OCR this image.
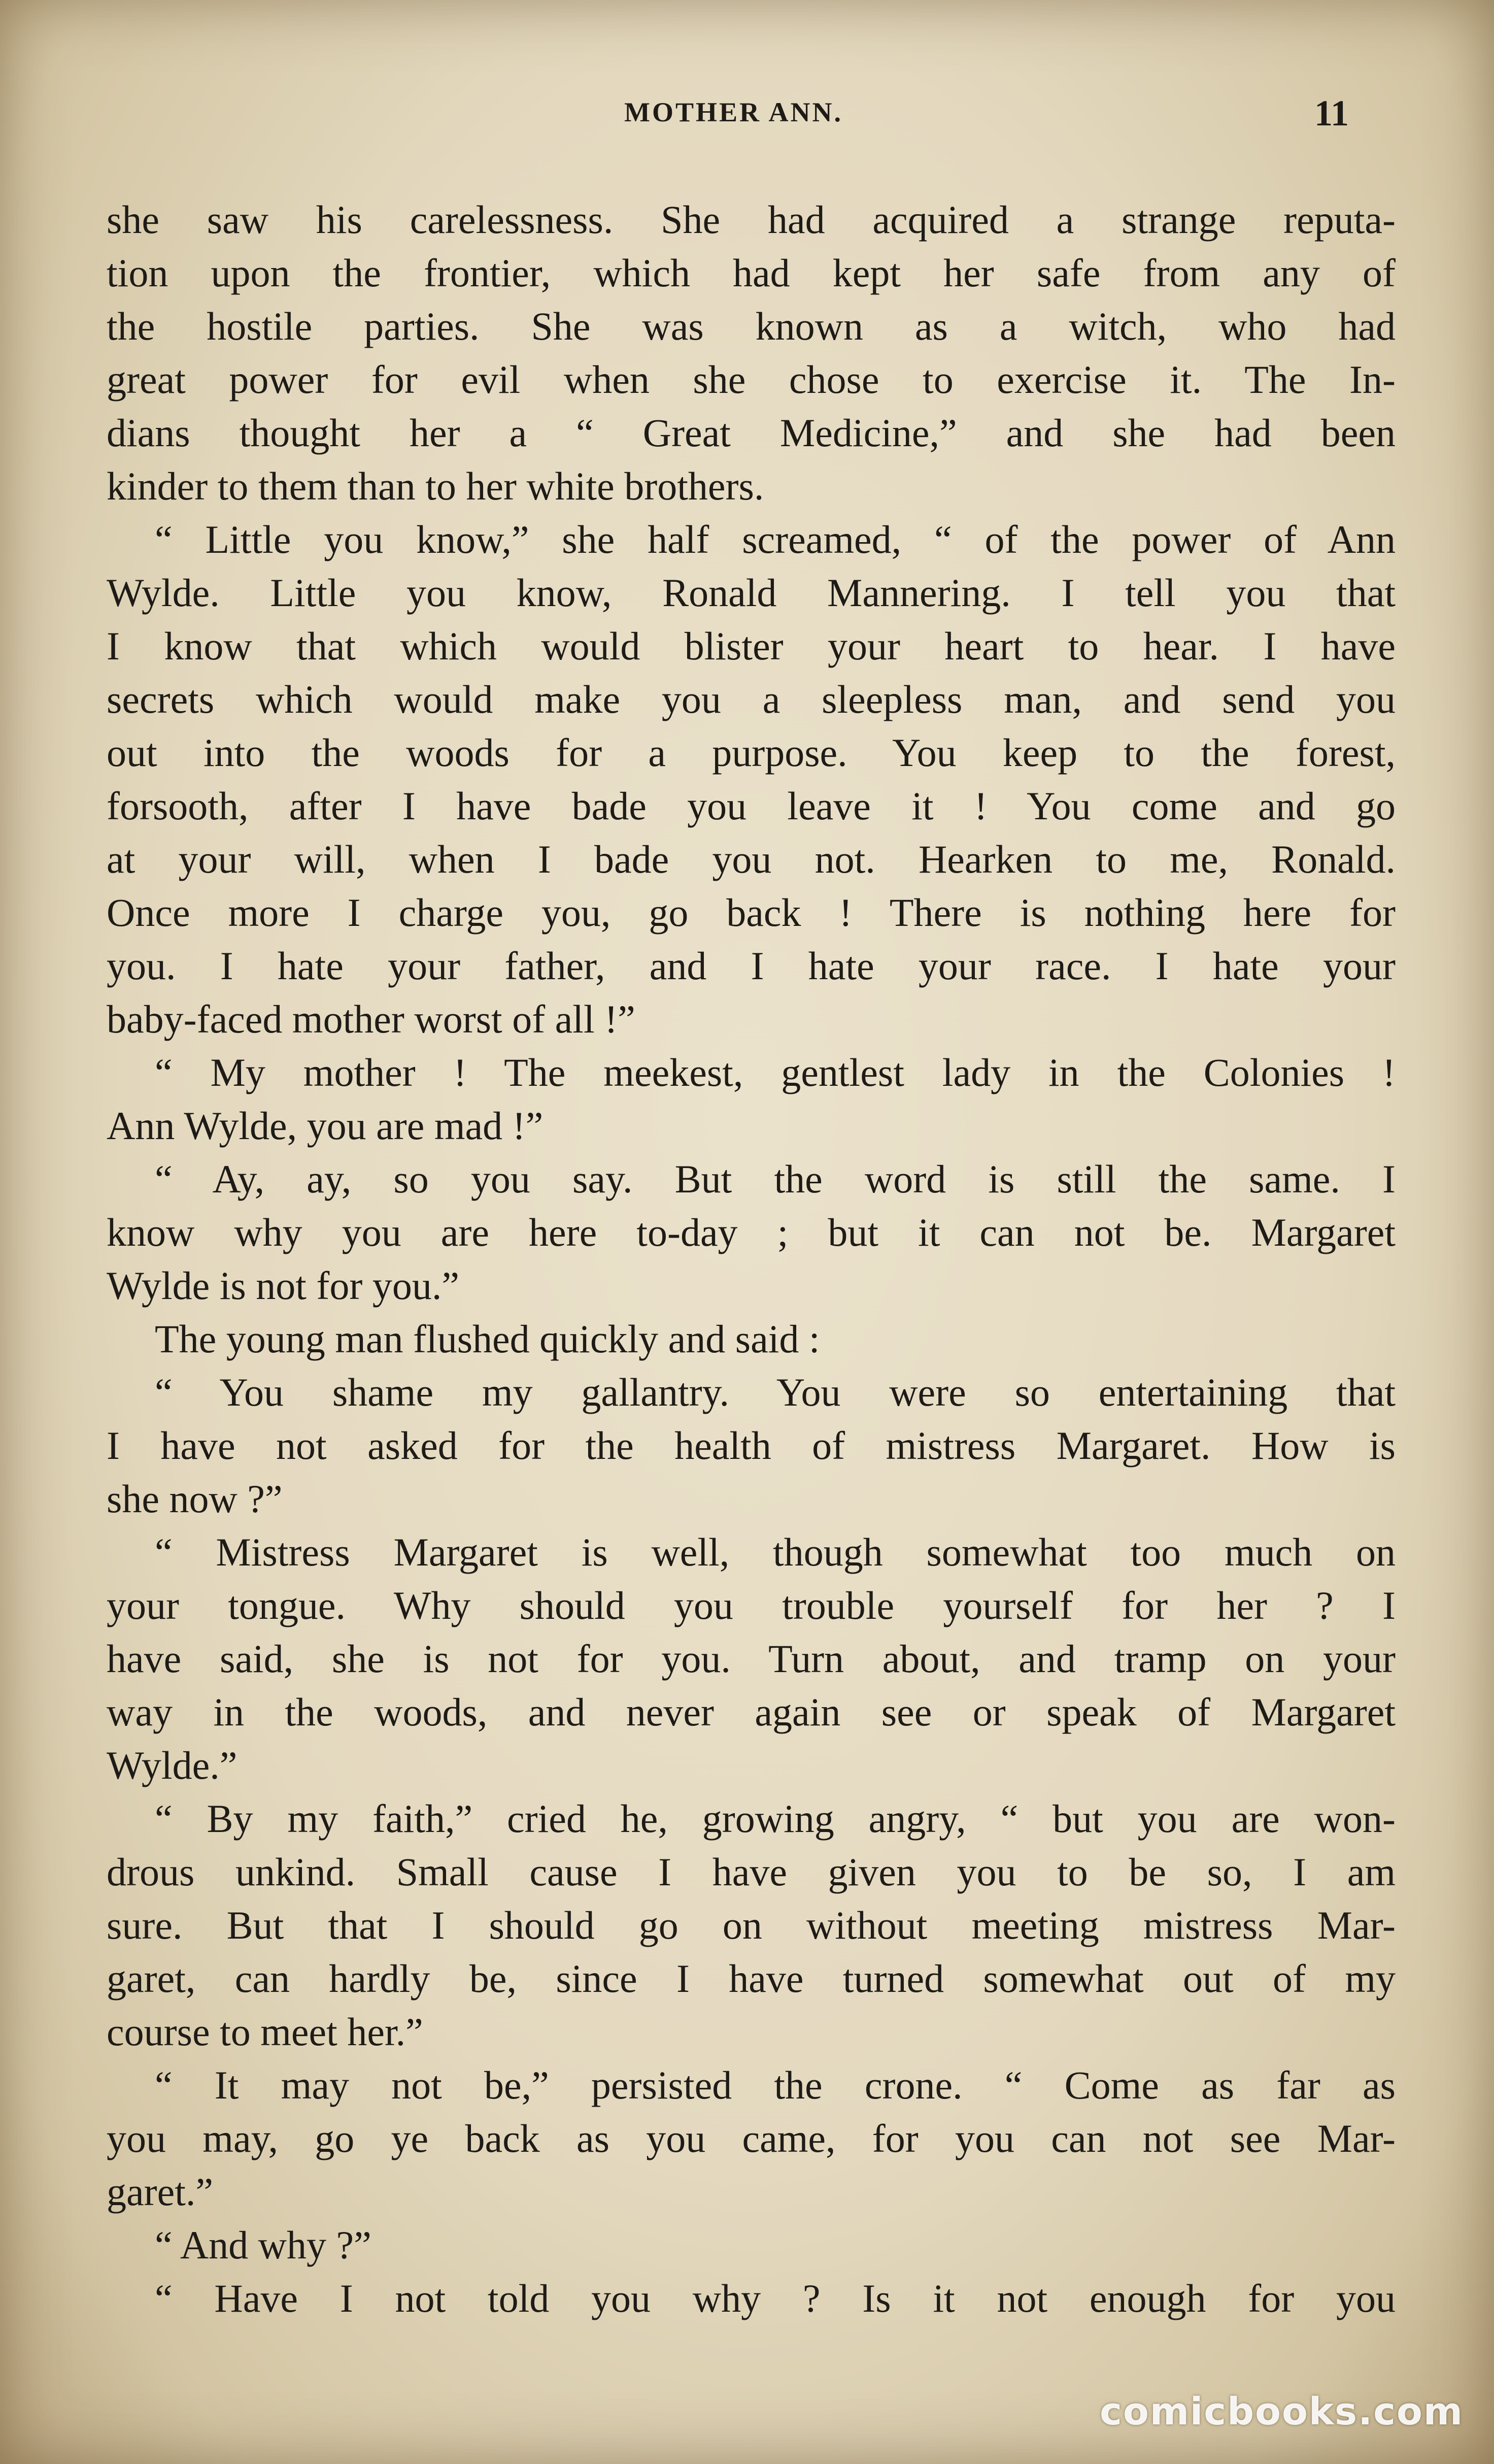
MOTHER ANN.	11
she saw his carelessness. She had acquired a strange reputa-
tion upon the frontier, which had kept her safe from any of
the hostile parties. She was known as a witch, who had
great power for evil when she chose to exercise it. The In-
dians thought her a “ Great Medicine,” and she had been
kinder to them than to her white brothers.
“ Little you know,” she half screamed, “ of the power of Ann
Wylde. Little you know, Ronald Mannering. I tell you that
I know that which would blister your heart to hear. I have
secrets which would make you a sleepless man, and send you
out into the woods for a purpose. You keep to the forest,
forsooth, after I have bade you leave it ! You come and go
at your will, when I bade you not. Hearken to me, Ronald.
Once more I charge you, go back ! There is nothing here for
you. I hate your father, and I hate your race. I hate your
baby-faced mother worst of all !”
“ My mother ! The meekest, gentlest lady in the Colonies !
Ann Wylde, you are mad !”
“ Ay, ay, so you say. But the word is still the same. I
know why you are here to-day ; but it can not be. Margaret
Wylde is not for you.”
The young man flushed quickly and said :
“ You shame my gallantry. You were so entertaining that
I have not asked for the health of mistress Margaret. How is
she now ?”
“ Mistress Margaret is well, though somewhat too much on
your tongue. Why should you trouble yourself for her ? I
have said, she is not for you. Turn about, and tramp on your
way in the woods, and never again see or speak of Margaret
Wylde.”
“ By my faith,” cried he, growing angry, “ but you are won-
drous unkind. Small cause I have given you to be so, I am
sure. But that I should go on without meeting mistress Mar-
garet, can hardly be, since I have turned somewhat out of my
course to meet her.”
“ It may not be,” persisted the crone. “ Come as far as
you may, go ye back as you came, for you can not see Mar-
garet.”
“ And why ?”
“ Have I not told you why ? Is it not enough for you
comicbooks.com
